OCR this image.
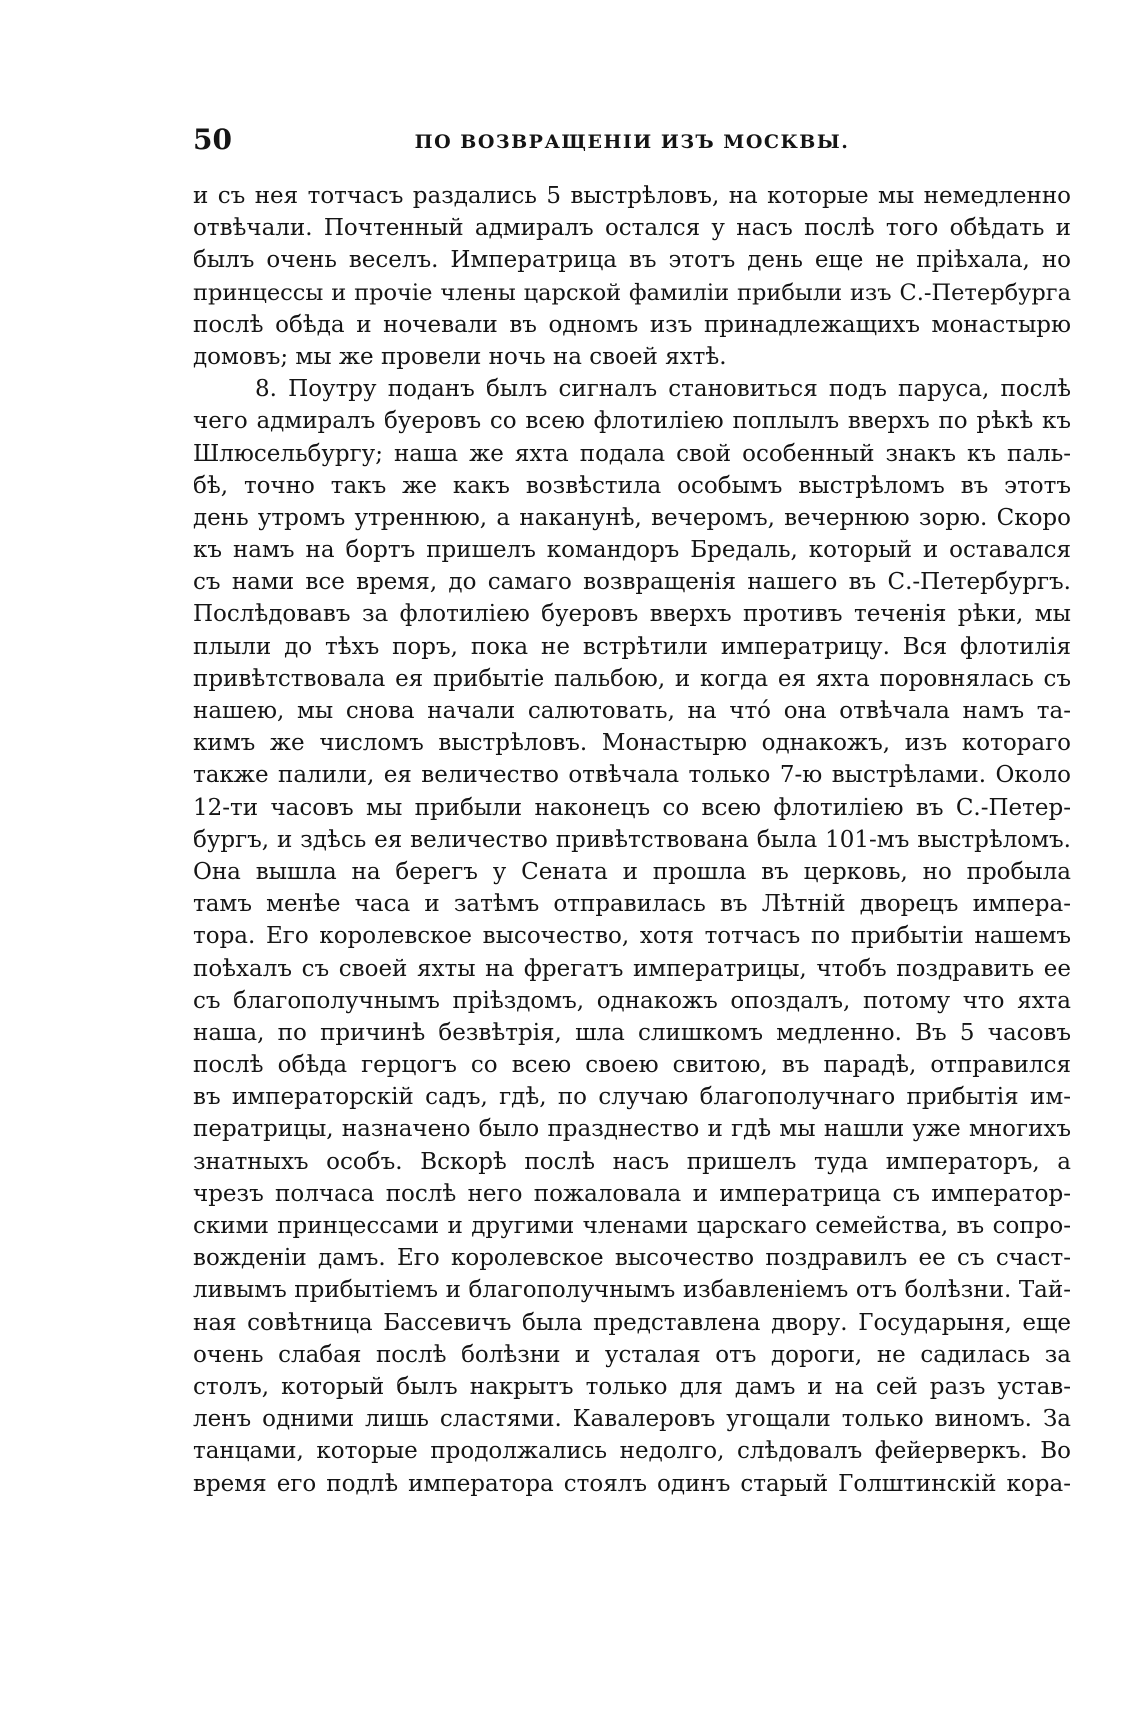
50	ПО ВОЗВРАЩЕНІИ ИЗЪ МОСКВЫ.
и съ нея тотчасъ раздались 5 выстрѣловъ, на которые мы немедленно
отвѣчали. Почтенный адмиралъ остался у насъ послѣ того обѣдать и
былъ очень веселъ. Императрица въ этотъ день еще не пріѣхала, но
принцессы и прочіе члены царской фамиліи прибыли изъ С.-Петербурга
послѣ обѣда и ночевали въ одномъ изъ принадлежащихъ монастырю
домовъ; мы же провели ночь на своей яхтѣ.
8. Поутру поданъ былъ сигналъ становиться подъ паруса, послѣ
чего адмиралъ буеровъ со всею флотиліею поплылъ вверхъ по рѣкѣ къ
Шлюсельбургу; наша же яхта подала свой особенный знакъ къ паль-
бѣ, точно такъ же какъ возвѣстила особымъ выстрѣломъ въ этотъ
день утромъ утреннюю, а наканунѣ, вечеромъ, вечернюю зорю. Скоро
къ намъ на бортъ пришелъ командоръ Бредаль, который и оставался
съ нами все время, до самаго возвращенія нашего въ С.-Петербургъ.
Послѣдовавъ за флотиліею буеровъ вверхъ противъ теченія рѣки, мы
плыли до тѣхъ поръ, пока не встрѣтили императрицу. Вся флотилія
привѣтствовала ея прибытіе пальбою, и когда ея яхта поровнялась съ
нашею, мы снова начали салютовать, на что́ она отвѣчала намъ та-
кимъ же числомъ выстрѣловъ. Монастырю однакожъ, изъ котораго
также палили, ея величество отвѣчала только 7-ю выстрѣлами. Около
12-ти часовъ мы прибыли наконецъ со всею флотиліею въ С.-Петер-
бургъ, и здѣсь ея величество привѣтствована была 101-мъ выстрѣломъ.
Она вышла на берегъ у Сената и прошла въ церковь, но пробыла
тамъ менѣе часа и затѣмъ отправилась въ Лѣтній дворецъ импера-
тора. Его королевское высочество, хотя тотчасъ по прибытіи нашемъ
поѣхалъ съ своей яхты на фрегатъ императрицы, чтобъ поздравить ее
съ благополучнымъ пріѣздомъ, однакожъ опоздалъ, потому что яхта
наша, по причинѣ безвѣтрія, шла слишкомъ медленно. Въ 5 часовъ
послѣ обѣда герцогъ со всею своею свитою, въ парадѣ, отправился
въ императорскій садъ, гдѣ, по случаю благополучнаго прибытія им-
ператрицы, назначено было празднество и гдѣ мы нашли уже многихъ
знатныхъ особъ. Вскорѣ послѣ насъ пришелъ туда императоръ, а
чрезъ полчаса послѣ него пожаловала и императрица съ император-
скими принцессами и другими членами царскаго семейства, въ сопро-
вожденіи дамъ. Его королевское высочество поздравилъ ее съ счаст-
ливымъ прибытіемъ и благополучнымъ избавленіемъ отъ болѣзни. Тай-
ная совѣтница Бассевичъ была представлена двору. Государыня, еще
очень слабая послѣ болѣзни и усталая отъ дороги, не садилась за
столъ, который былъ накрытъ только для дамъ и на сей разъ устав-
ленъ одними лишь сластями. Кавалеровъ угощали только виномъ. За
танцами, которые продолжались недолго, слѣдовалъ фейерверкъ. Во
время его подлѣ императора стоялъ одинъ старый Голштинскій кора-
